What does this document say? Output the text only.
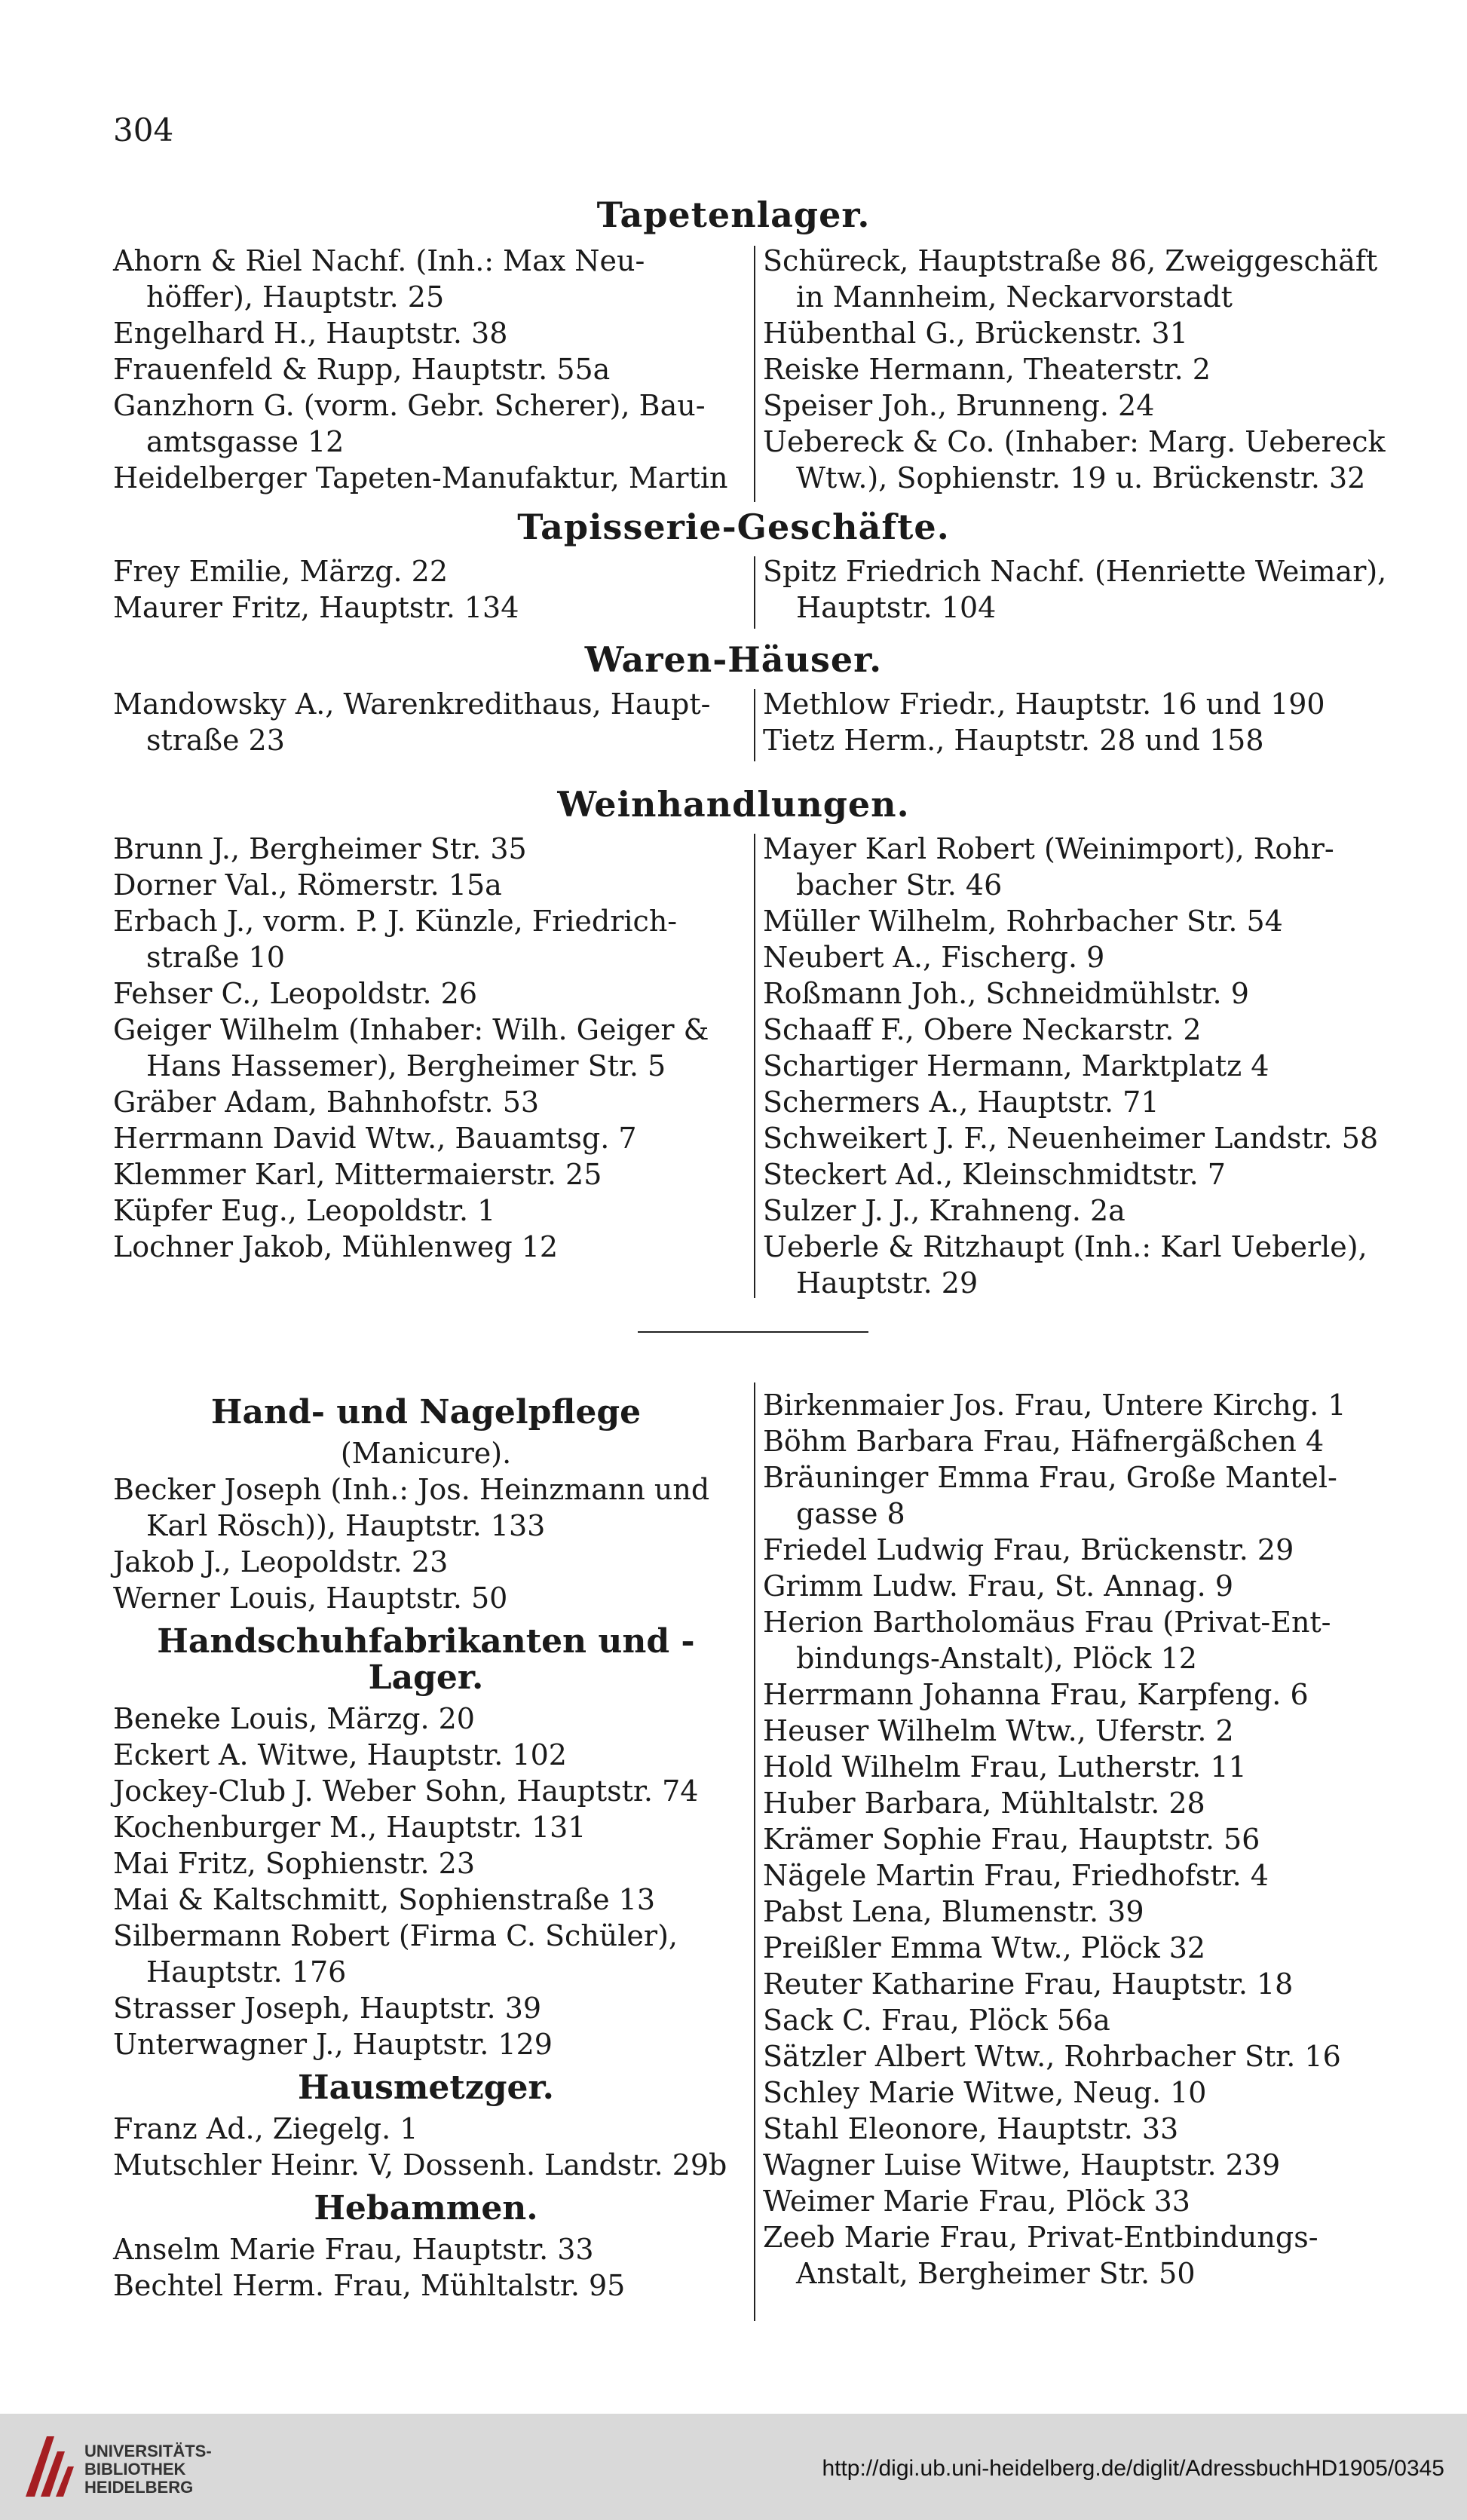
304
Tapetenlager.
Ahorn & Riel Nachf. (Inh.: Max Neu-
höffer), Hauptstr. 25
Engelhard H., Hauptstr. 38
Frauenfeld & Rupp, Hauptstr. 55a
Ganzhorn G. (vorm. Gebr. Scherer), Bau-
amtsgasse 12
Heidelberger Tapeten-Manufaktur, Martin
Schüreck, Hauptstraße 86, Zweiggeschäft
in Mannheim, Neckarvorstadt
Hübenthal G., Brückenstr. 31
Reiske Hermann, Theaterstr. 2
Speiser Joh., Brunneng. 24
Uebereck & Co. (Inhaber: Marg. Uebereck
Wtw.), Sophienstr. 19 u. Brückenstr. 32
Tapisserie-Geschäfte.
Frey Emilie, Märzg. 22
Maurer Fritz, Hauptstr. 134
Spitz Friedrich Nachf. (Henriette Weimar),
Hauptstr. 104
Waren-Häuser.
Mandowsky A., Warenkredithaus, Haupt-
straße 23
Methlow Friedr., Hauptstr. 16 und 190
Tietz Herm., Hauptstr. 28 und 158
Weinhandlungen.
Brunn J., Bergheimer Str. 35
Dorner Val., Römerstr. 15a
Erbach J., vorm. P. J. Künzle, Friedrich-
straße 10
Fehser C., Leopoldstr. 26
Geiger Wilhelm (Inhaber: Wilh. Geiger &
Hans Hassemer), Bergheimer Str. 5
Gräber Adam, Bahnhofstr. 53
Herrmann David Wtw., Bauamtsg. 7
Klemmer Karl, Mittermaierstr. 25
Küpfer Eug., Leopoldstr. 1
Lochner Jakob, Mühlenweg 12
Mayer Karl Robert (Weinimport), Rohr-
bacher Str. 46
Müller Wilhelm, Rohrbacher Str. 54
Neubert A., Fischerg. 9
Roßmann Joh., Schneidmühlstr. 9
Schaaff F., Obere Neckarstr. 2
Schartiger Hermann, Marktplatz 4
Schermers A., Hauptstr. 71
Schweikert J. F., Neuenheimer Landstr. 58
Steckert Ad., Kleinschmidtstr. 7
Sulzer J. J., Krahneng. 2a
Ueberle & Ritzhaupt (Inh.: Karl Ueberle),
Hauptstr. 29
Hand- und Nagelpflege
(Manicure).
Becker Joseph (Inh.: Jos. Heinzmann und
Karl Rösch)), Hauptstr. 133
Jakob J., Leopoldstr. 23
Werner Louis, Hauptstr. 50
Handschuhfabrikanten und -Lager.
Beneke Louis, Märzg. 20
Eckert A. Witwe, Hauptstr. 102
Jockey-Club J. Weber Sohn, Hauptstr. 74
Kochenburger M., Hauptstr. 131
Mai Fritz, Sophienstr. 23
Mai & Kaltschmitt, Sophienstraße 13
Silbermann Robert (Firma C. Schüler),
Hauptstr. 176
Strasser Joseph, Hauptstr. 39
Unterwagner J., Hauptstr. 129
Hausmetzger.
Franz Ad., Ziegelg. 1
Mutschler Heinr. V, Dossenh. Landstr. 29b
Hebammen.
Anselm Marie Frau, Hauptstr. 33
Bechtel Herm. Frau, Mühltalstr. 95
Birkenmaier Jos. Frau, Untere Kirchg. 1
Böhm Barbara Frau, Häfnergäßchen 4
Bräuninger Emma Frau, Große Mantel-
gasse 8
Friedel Ludwig Frau, Brückenstr. 29
Grimm Ludw. Frau, St. Annag. 9
Herion Bartholomäus Frau (Privat-Ent-
bindungs-Anstalt), Plöck 12
Herrmann Johanna Frau, Karpfeng. 6
Heuser Wilhelm Wtw., Uferstr. 2
Hold Wilhelm Frau, Lutherstr. 11
Huber Barbara, Mühltalstr. 28
Krämer Sophie Frau, Hauptstr. 56
Nägele Martin Frau, Friedhofstr. 4
Pabst Lena, Blumenstr. 39
Preißler Emma Wtw., Plöck 32
Reuter Katharine Frau, Hauptstr. 18
Sack C. Frau, Plöck 56a
Sätzler Albert Wtw., Rohrbacher Str. 16
Schley Marie Witwe, Neug. 10
Stahl Eleonore, Hauptstr. 33
Wagner Luise Witwe, Hauptstr. 239
Weimer Marie Frau, Plöck 33
Zeeb Marie Frau, Privat-Entbindungs-
Anstalt, Bergheimer Str. 50
UNIVERSITÄTS-
BIBLIOTHEK
HEIDELBERG
http://digi.ub.uni-heidelberg.de/diglit/AdressbuchHD1905/0345
